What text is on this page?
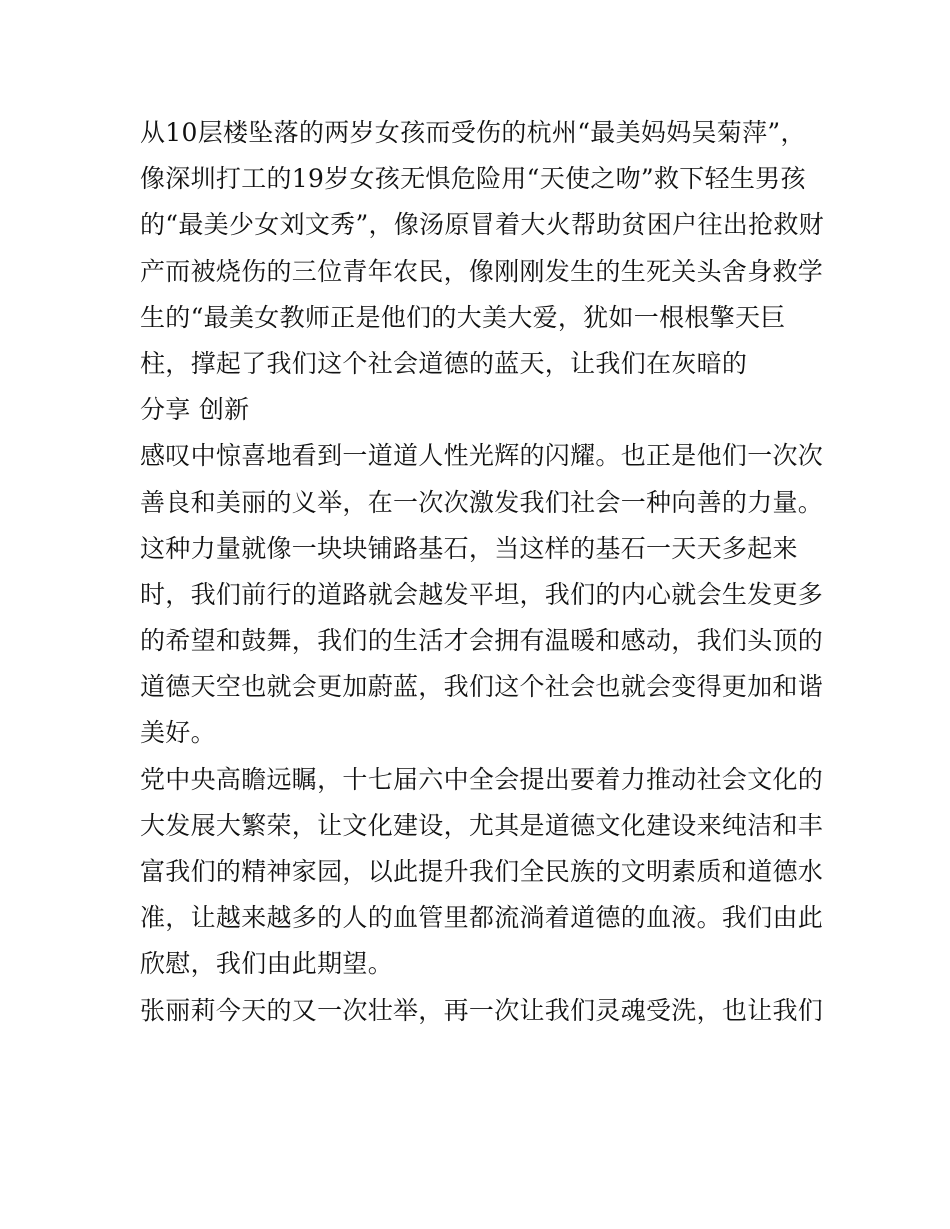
从10层楼坠落的两岁女孩而受伤的杭州“最美妈妈吴菊萍”，
像深圳打工的19岁女孩无惧危险用“天使之吻”救下轻生男孩
的“最美少女刘文秀”，像汤原冒着大火帮助贫困户往出抢救财
产而被烧伤的三位青年农民，像刚刚发生的生死关头舍身救学
生的“最美女教师正是他们的大美大爱，犹如一根根擎天巨
柱，撑起了我们这个社会道德的蓝天，让我们在灰暗的
分享 创新
感叹中惊喜地看到一道道人性光辉的闪耀。也正是他们一次次
善良和美丽的义举，在一次次激发我们社会一种向善的力量。
这种力量就像一块块铺路基石，当这样的基石一天天多起来
时，我们前行的道路就会越发平坦，我们的内心就会生发更多
的希望和鼓舞，我们的生活才会拥有温暖和感动，我们头顶的
道德天空也就会更加蔚蓝，我们这个社会也就会变得更加和谐
美好。
党中央高瞻远瞩，十七届六中全会提出要着力推动社会文化的
大发展大繁荣，让文化建设，尤其是道德文化建设来纯洁和丰
富我们的精神家园，以此提升我们全民族的文明素质和道德水
准，让越来越多的人的血管里都流淌着道德的血液。我们由此
欣慰，我们由此期望。
张丽莉今天的又一次壮举，再一次让我们灵魂受洗，也让我们
